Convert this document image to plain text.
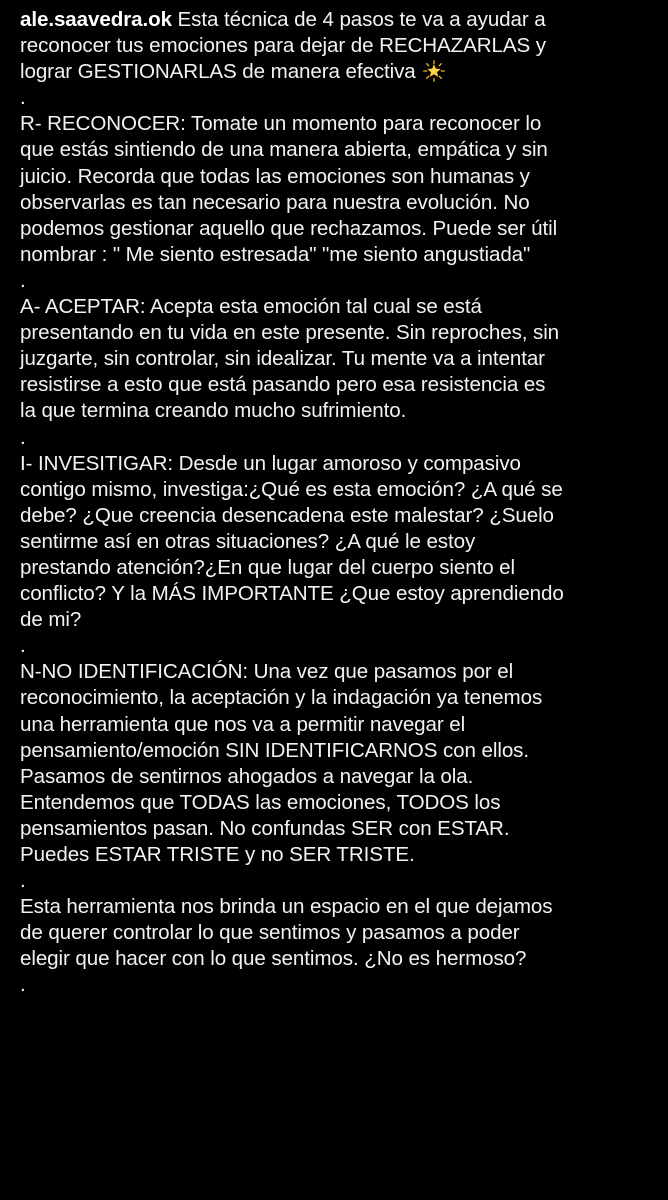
ale.saavedra.ok Esta técnica de 4 pasos te va a ayudar a
reconocer tus emociones para dejar de RECHAZARLAS y
lograr GESTIONARLAS de manera efectiva
.
R- RECONOCER: Tomate un momento para reconocer lo
que estás sintiendo de una manera abierta, empática y sin
juicio. Recorda que todas las emociones son humanas y
observarlas es tan necesario para nuestra evolución. No
podemos gestionar aquello que rechazamos. Puede ser útil
nombrar : " Me siento estresada" "me siento angustiada"
.
A- ACEPTAR: Acepta esta emoción tal cual se está
presentando en tu vida en este presente. Sin reproches, sin
juzgarte, sin controlar, sin idealizar. Tu mente va a intentar
resistirse a esto que está pasando pero esa resistencia es
la que termina creando mucho sufrimiento.
.
I- INVESITIGAR: Desde un lugar amoroso y compasivo
contigo mismo, investiga:¿Qué es esta emoción? ¿A qué se
debe? ¿Que creencia desencadena este malestar? ¿Suelo
sentirme así en otras situaciones? ¿A qué le estoy
prestando atención?¿En que lugar del cuerpo siento el
conflicto? Y la MÁS IMPORTANTE ¿Que estoy aprendiendo
de mi?
.
N-NO IDENTIFICACIÓN: Una vez que pasamos por el
reconocimiento, la aceptación y la indagación ya tenemos
una herramienta que nos va a permitir navegar el
pensamiento/emoción SIN IDENTIFICARNOS con ellos.
Pasamos de sentirnos ahogados a navegar la ola.
Entendemos que TODAS las emociones, TODOS los
pensamientos pasan. No confundas SER con ESTAR.
Puedes ESTAR TRISTE y no SER TRISTE.
.
Esta herramienta nos brinda un espacio en el que dejamos
de querer controlar lo que sentimos y pasamos a poder
elegir que hacer con lo que sentimos. ¿No es hermoso?
.
